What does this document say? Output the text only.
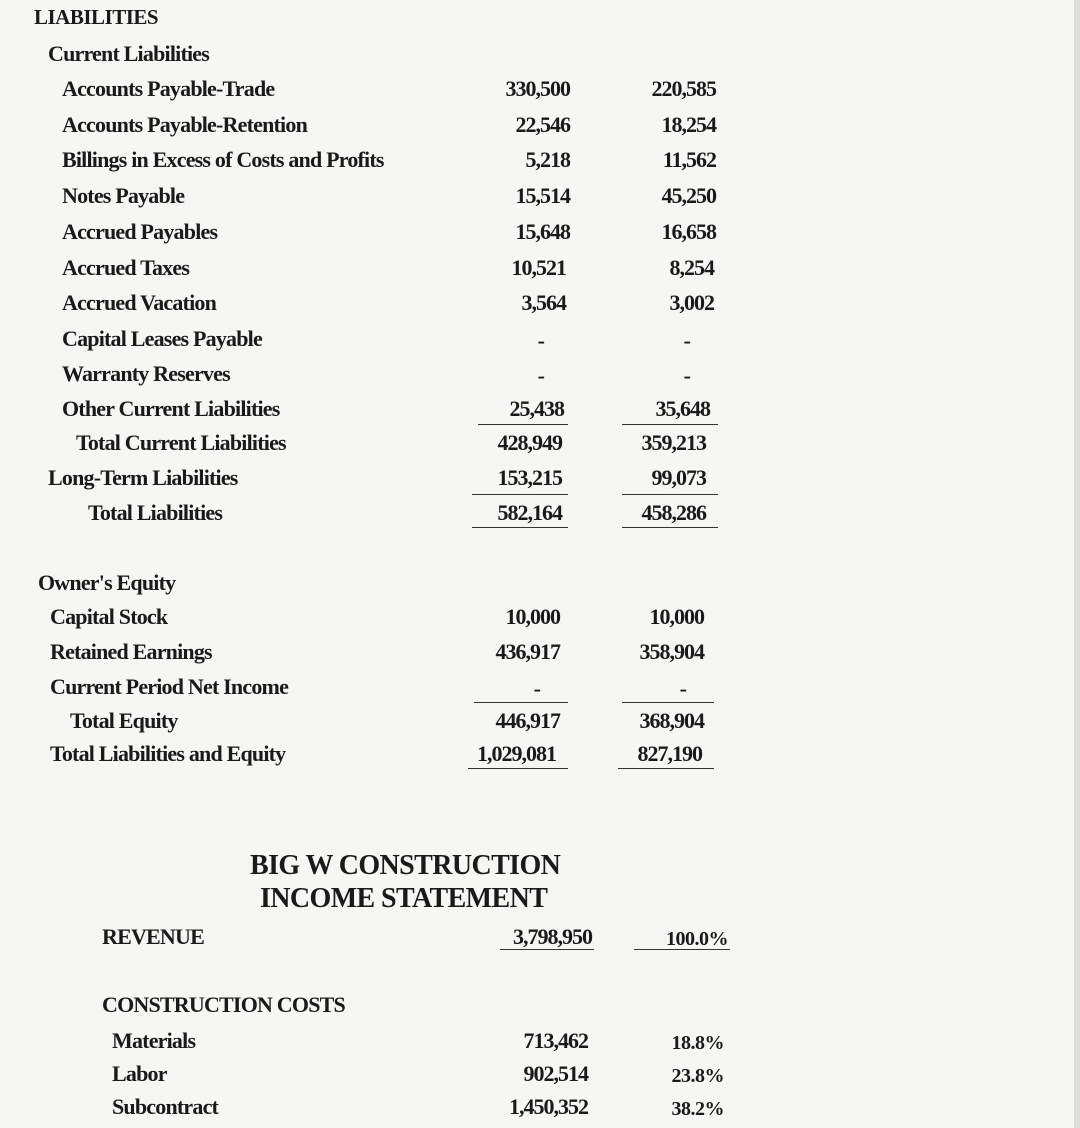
LIABILITIES
Current Liabilities
Accounts Payable-Trade	330,500	220,585
Accounts Payable-Retention	22,546	18,254
Billings in Excess of Costs and Profits	5,218	11,562
Notes Payable	15,514	45,250
Accrued Payables	15,648	16,658
Accrued Taxes	10,521	8,254
Accrued Vacation	3,564	3,002
Capital Leases Payable	-	-
Warranty Reserves	-	-
Other Current Liabilities	25,438	35,648
Total Current Liabilities	428,949	359,213
Long-Term Liabilities	153,215	99,073
Total Liabilities	582,164	458,286
Owner's Equity
Capital Stock	10,000	10,000
Retained Earnings	436,917	358,904
Current Period Net Income	-	-
Total Equity	446,917	368,904
Total Liabilities and Equity	1,029,081	827,190
BIG W CONSTRUCTION
INCOME STATEMENT
REVENUE	3,798,950	100.0%
CONSTRUCTION COSTS
Materials	713,462	18.8%
Labor	902,514	23.8%
Subcontract	1,450,352	38.2%
